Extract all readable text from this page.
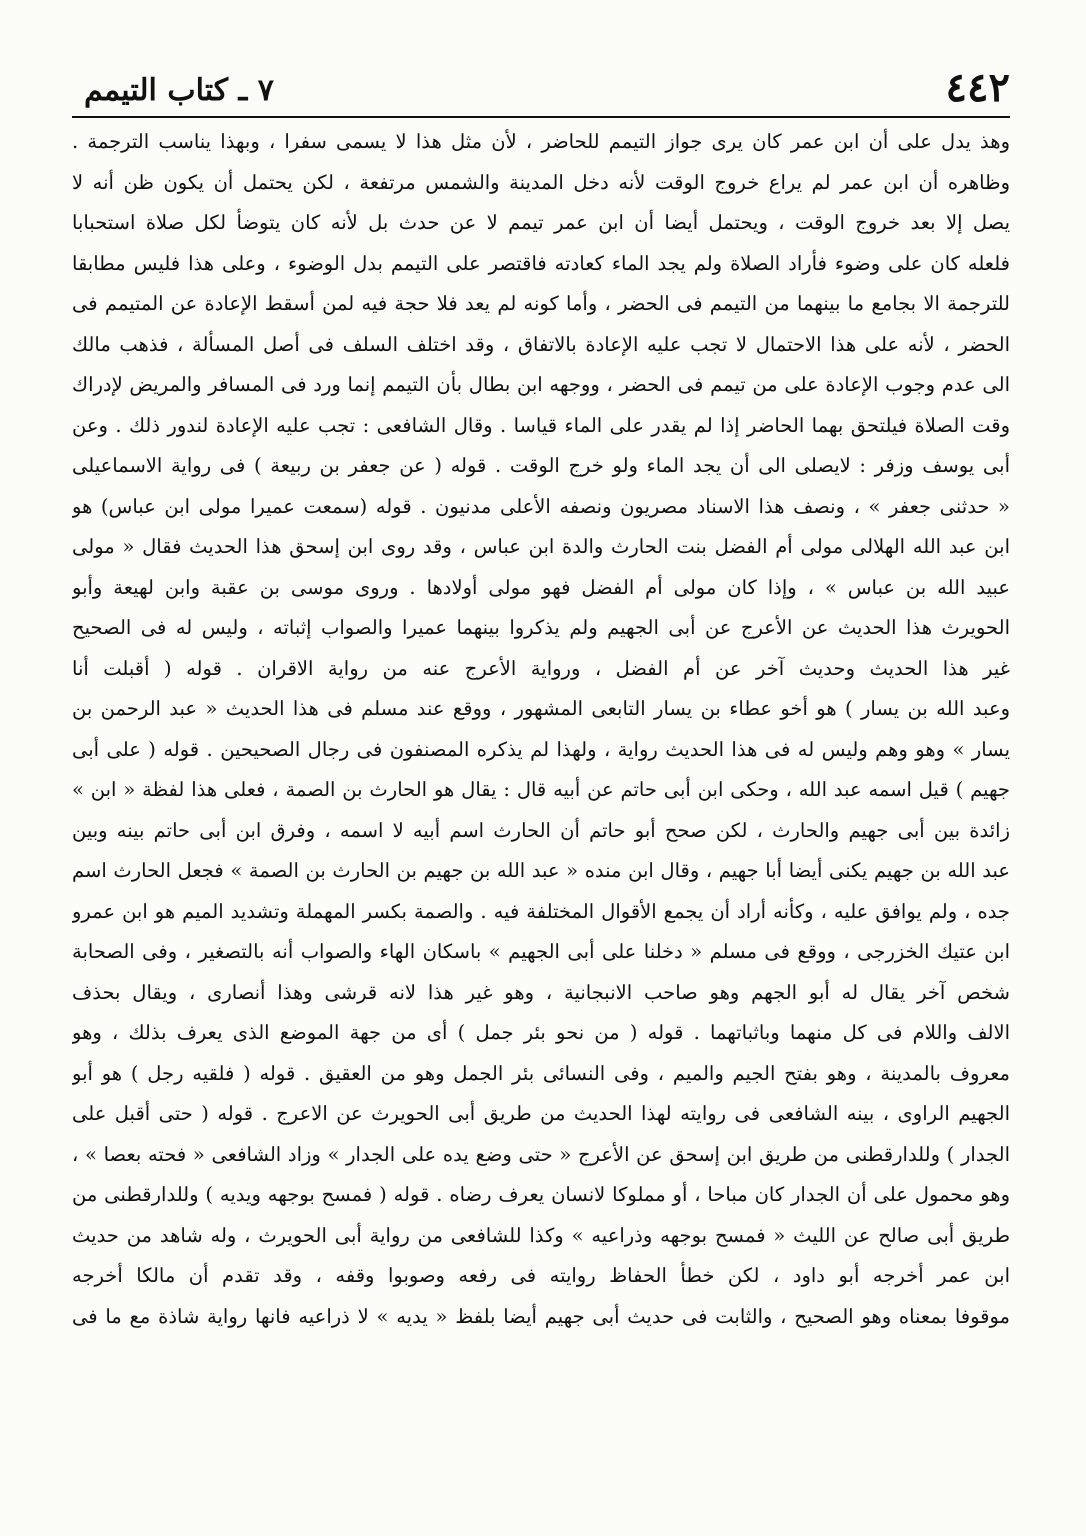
٤٤٢
٧ ـ كتاب التيمم
وهذ يدل على أن ابن عمر كان يرى جواز التيمم للحاضر ، لأن مثل هذا لا يسمى سفرا ، وبهذا يناسب الترجمة .
وظاهره أن ابن عمر لم يراع خروج الوقت لأنه دخل المدينة والشمس مرتفعة ، لكن يحتمل أن يكون ظن أنه لا
يصل إلا بعد خروج الوقت ، ويحتمل أيضا أن ابن عمر تيمم لا عن حدث بل لأنه كان يتوضأ لكل صلاة استحبابا
فلعله كان على وضوء فأراد الصلاة ولم يجد الماء كعادته فاقتصر على التيمم بدل الوضوء ، وعلى هذا فليس مطابقا
للترجمة الا بجامع ما بينهما من التيمم فى الحضر ، وأما كونه لم يعد فلا حجة فيه لمن أسقط الإعادة عن المتيمم فى
الحضر ، لأنه على هذا الاحتمال لا تجب عليه الإعادة بالاتفاق ، وقد اختلف السلف فى أصل المسألة ، فذهب مالك
الى عدم وجوب الإعادة على من تيمم فى الحضر ، ووجهه ابن بطال بأن التيمم إنما ورد فى المسافر والمريض لإدراك
وقت الصلاة فيلتحق بهما الحاضر إذا لم يقدر على الماء قياسا . وقال الشافعى : تجب عليه الإعادة لندور ذلك . وعن
أبى يوسف وزفر : لايصلى الى أن يجد الماء ولو خرج الوقت . قوله ( عن جعفر بن ربيعة ) فى رواية الاسماعيلى
« حدثنى جعفر » ، ونصف هذا الاسناد مصريون ونصفه الأعلى مدنيون . قوله (سمعت عميرا مولى ابن عباس) هو
ابن عبد الله الهلالى مولى أم الفضل بنت الحارث والدة ابن عباس ، وقد روى ابن إسحق هذا الحديث فقال « مولى
عبيد الله بن عباس » ، وإذا كان مولى أم الفضل فهو مولى أولادها . وروى موسى بن عقبة وابن لهيعة وأبو
الحويرث هذا الحديث عن الأعرج عن أبى الجهيم ولم يذكروا بينهما عميرا والصواب إثباته ، وليس له فى الصحيح
غير هذا الحديث وحديث آخر عن أم الفضل ، ورواية الأعرج عنه من رواية الاقران . قوله ( أقبلت أنا
وعبد الله بن يسار ) هو أخو عطاء بن يسار التابعى المشهور ، ووقع عند مسلم فى هذا الحديث « عبد الرحمن بن
يسار » وهو وهم وليس له فى هذا الحديث رواية ، ولهذا لم يذكره المصنفون فى رجال الصحيحين . قوله ( على أبى
جهيم ) قيل اسمه عبد الله ، وحكى ابن أبى حاتم عن أبيه قال : يقال هو الحارث بن الصمة ، فعلى هذا لفظة « ابن »
زائدة بين أبى جهيم والحارث ، لكن صحح أبو حاتم أن الحارث اسم أبيه لا اسمه ، وفرق ابن أبى حاتم بينه وبين
عبد الله بن جهيم يكنى أيضا أبا جهيم ، وقال ابن منده « عبد الله بن جهيم بن الحارث بن الصمة » فجعل الحارث اسم
جده ، ولم يوافق عليه ، وكأنه أراد أن يجمع الأقوال المختلفة فيه . والصمة بكسر المهملة وتشديد الميم هو ابن عمرو
ابن عتيك الخزرجى ، ووقع فى مسلم « دخلنا على أبى الجهيم » باسكان الهاء والصواب أنه بالتصغير ، وفى الصحابة
شخص آخر يقال له أبو الجهم وهو صاحب الانبجانية ، وهو غير هذا لانه قرشى وهذا أنصارى ، ويقال بحذف
الالف واللام فى كل منهما وباثباتهما . قوله ( من نحو بئر جمل ) أى من جهة الموضع الذى يعرف بذلك ، وهو
معروف بالمدينة ، وهو بفتح الجيم والميم ، وفى النسائى بئر الجمل وهو من العقيق . قوله ( فلقيه رجل ) هو أبو
الجهيم الراوى ، بينه الشافعى فى روايته لهذا الحديث من طريق أبى الحويرث عن الاعرج . قوله ( حتى أقبل على
الجدار ) وللدارقطنى من طريق ابن إسحق عن الأعرج « حتى وضع يده على الجدار » وزاد الشافعى « فحته بعصا » ،
وهو محمول على أن الجدار كان مباحا ، أو مملوكا لانسان يعرف رضاه . قوله ( فمسح بوجهه ويديه ) وللدارقطنى من
طريق أبى صالح عن الليث « فمسح بوجهه وذراعيه » وكذا للشافعى من رواية أبى الحويرث ، وله شاهد من حديث
ابن عمر أخرجه أبو داود ، لكن خطأ الحفاظ روايته فى رفعه وصوبوا وقفه ، وقد تقدم أن مالكا أخرجه
موقوفا بمعناه وهو الصحيح ، والثابت فى حديث أبى جهيم أيضا بلفظ « يديه » لا ذراعيه فانها رواية شاذة مع ما فى
